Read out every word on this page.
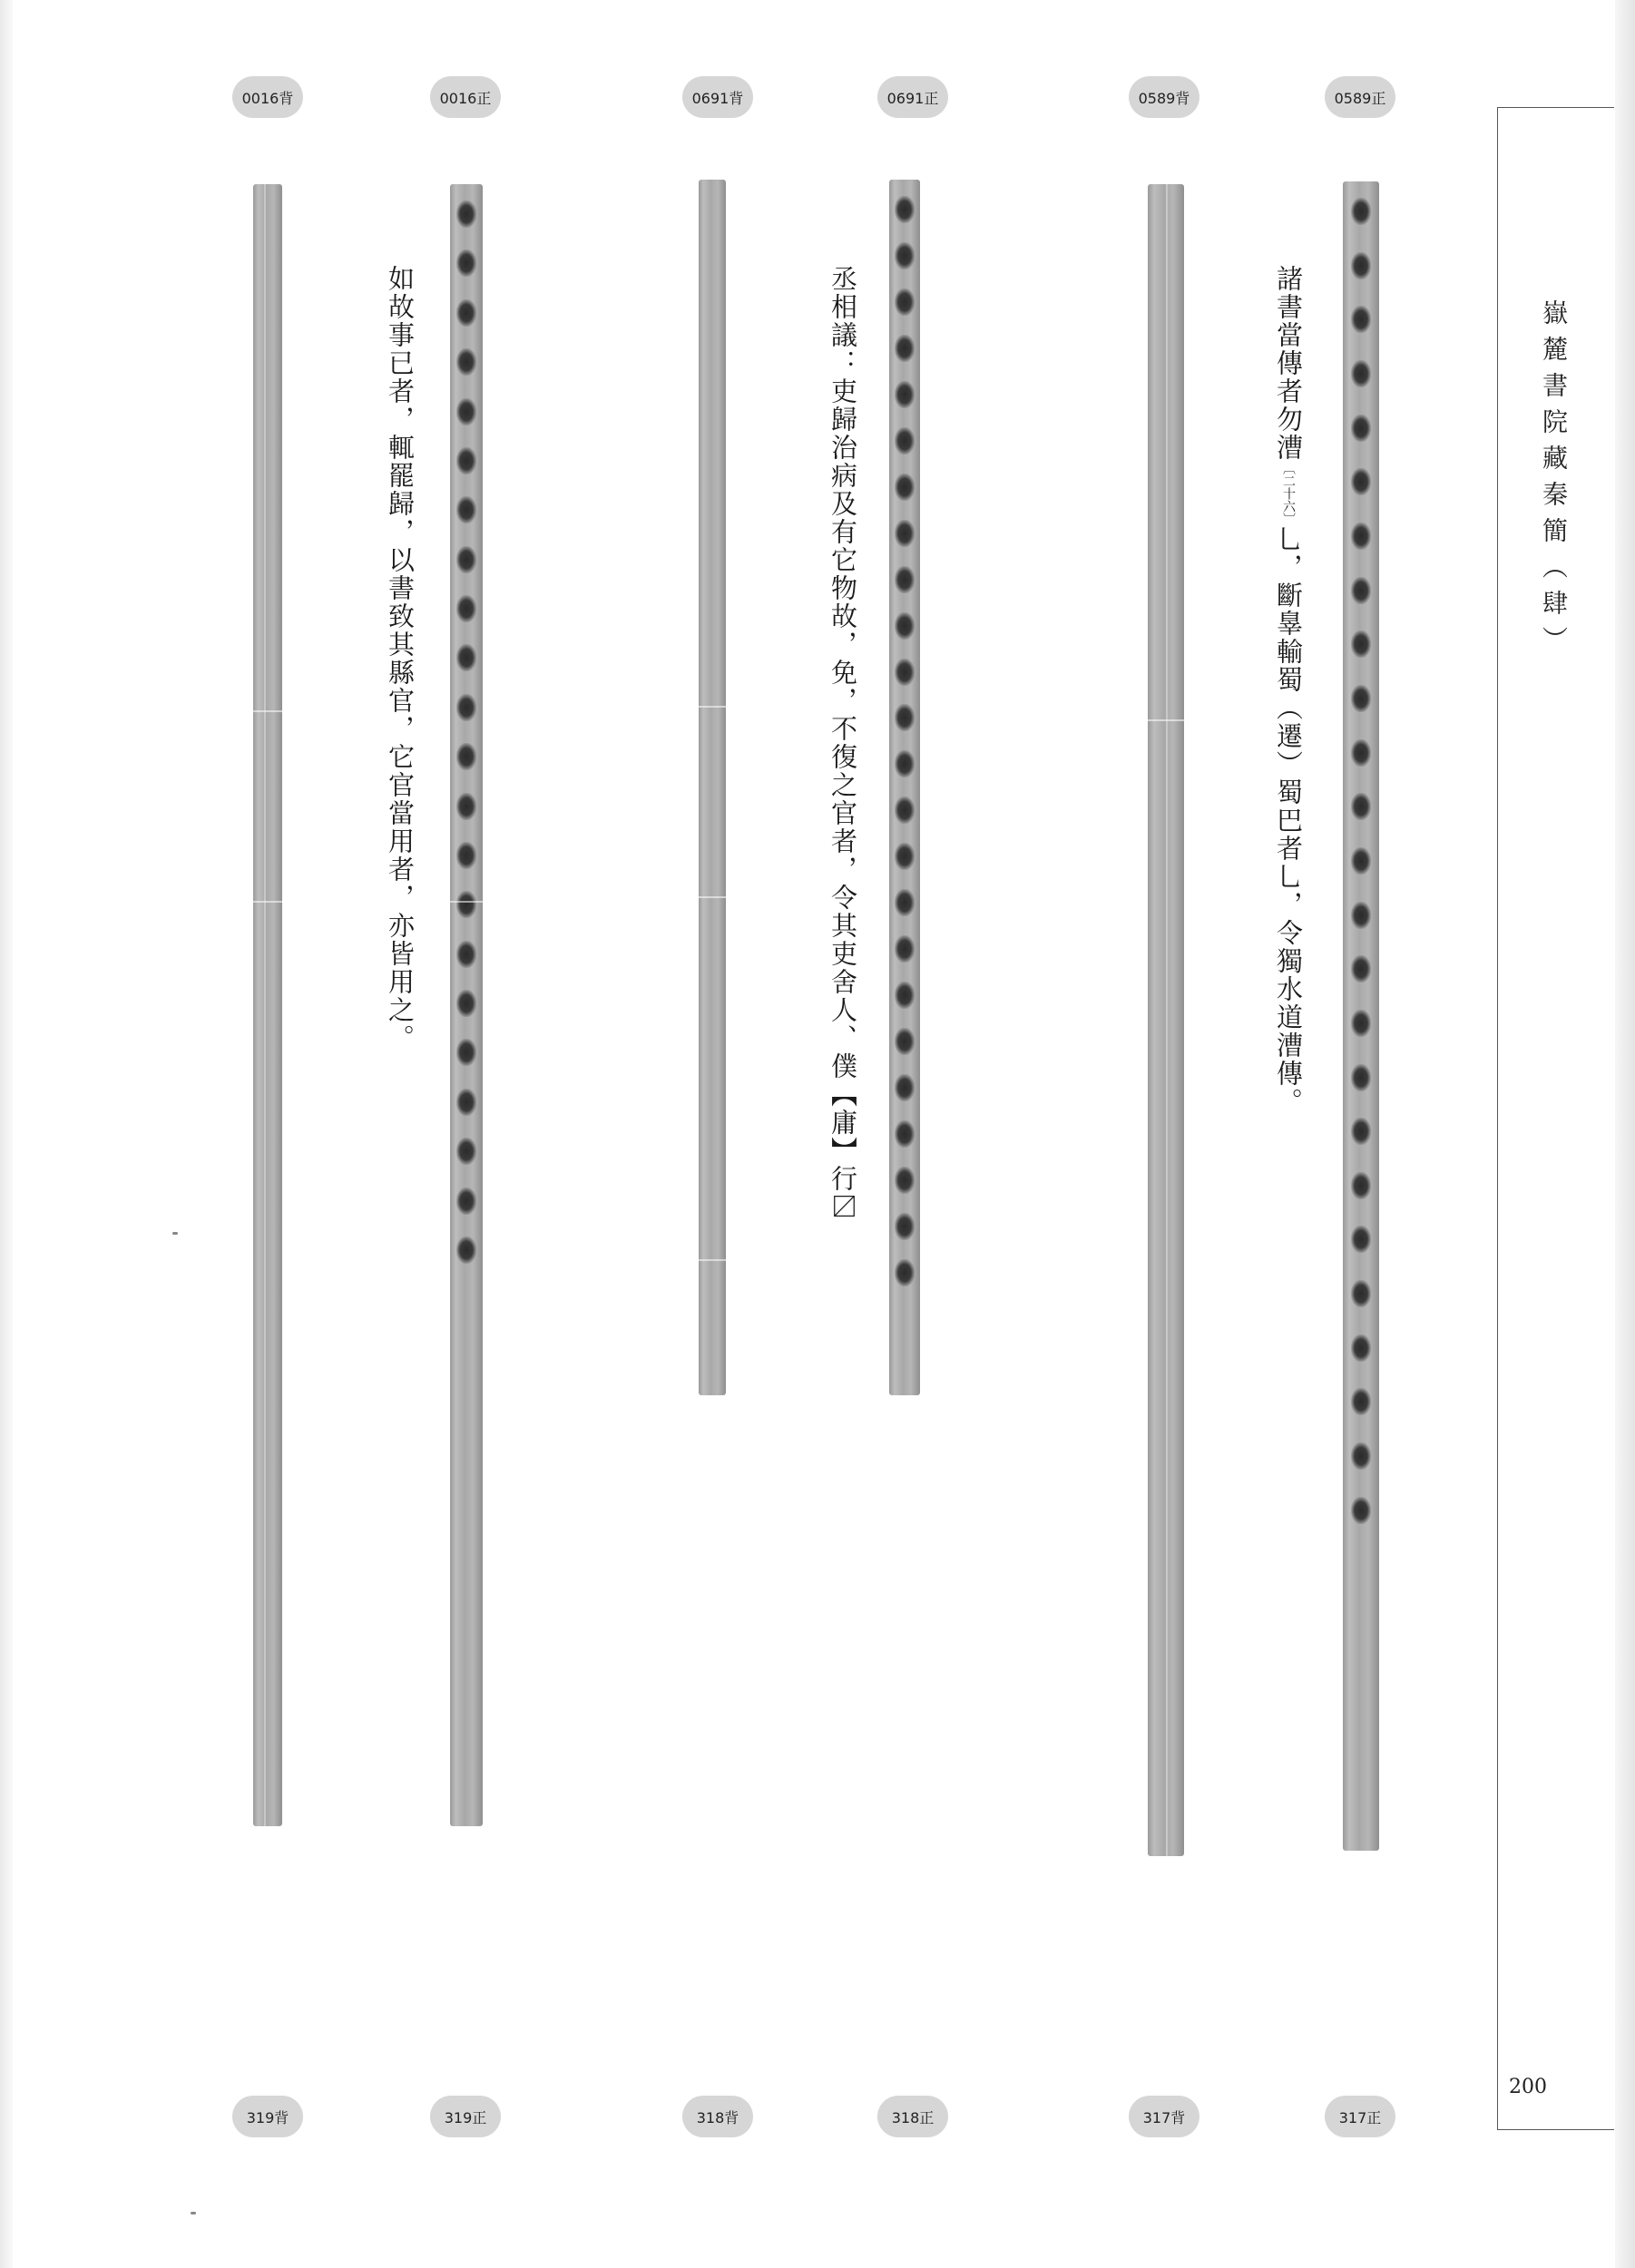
嶽麓書院藏秦簡（肆）
200
0016背	0016正	0691背	0691正	0589背	0589正
319背	319正	318背	318正	317背	317正
諸書當傳者勿漕〔二十六〕乚，斷辠輸蜀（遷）蜀巴者乚，令獨水道漕傳。
丞相議：吏歸治病及有它物故，免，不復之官者，令其吏舍人、僕【庸】行〼
如故事已者，輒罷歸，以書致其縣官，它官當用者，亦皆用之。
